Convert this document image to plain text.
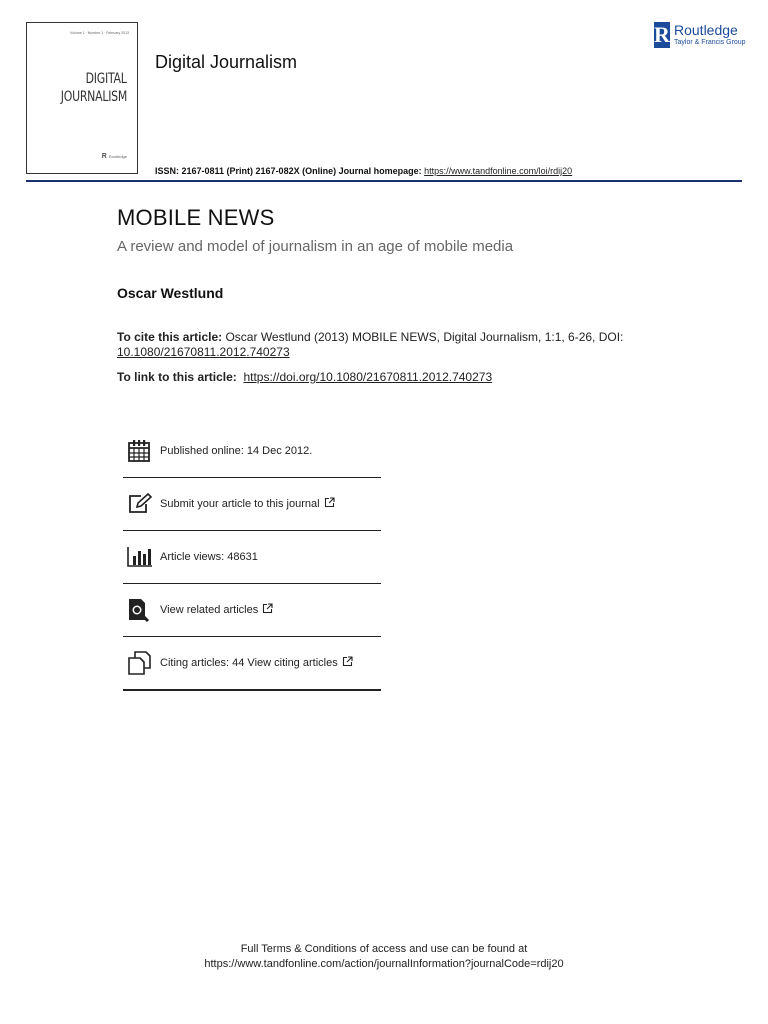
Volume 1 · Number 1 · February 2013
DIGITAL
JOURNALISM
R Routledge
Digital Journalism
ISSN: 2167-0811 (Print) 2167-082X (Online) Journal homepage: https://www.tandfonline.com/loi/rdij20
R Routledge
Taylor & Francis Group
MOBILE NEWS
A review and model of journalism in an age of mobile media
Oscar Westlund
To cite this article: Oscar Westlund (2013) MOBILE NEWS, Digital Journalism, 1:1, 6-26, DOI:
10.1080/21670811.2012.740273
To link to this article:  https://doi.org/10.1080/21670811.2012.740273
Published online: 14 Dec 2012.
Submit your article to this journal
Article views: 48631
View related articles
Citing articles: 44 View citing articles
Full Terms & Conditions of access and use can be found at
https://www.tandfonline.com/action/journalInformation?journalCode=rdij20
